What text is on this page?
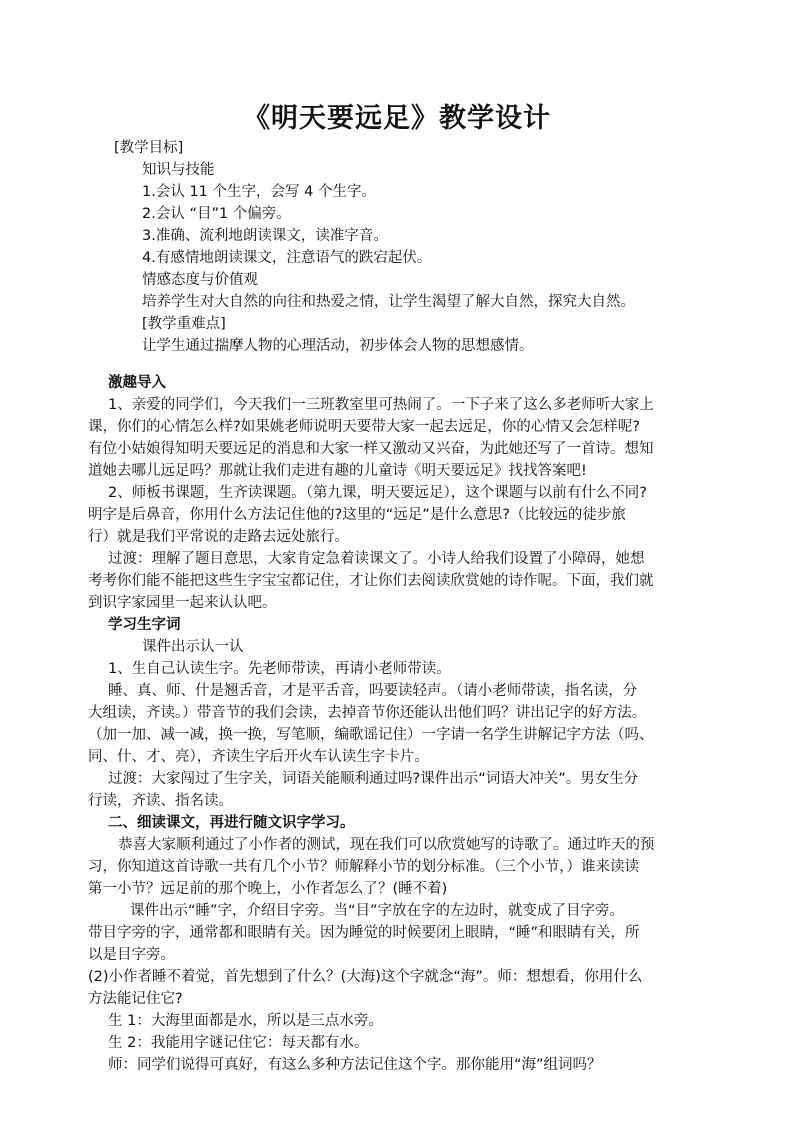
《明天要远足》教学设计
[教学目标]
知识与技能
1.会认 11 个生字，会写 4 个生字。
2.会认 “目”1 个偏旁。
3.准确、流利地朗读课文，读准字音。
4.有感情地朗读课文，注意语气的跌宕起伏。
情感态度与价值观
培养学生对大自然的向往和热爱之情，让学生渴望了解大自然，探究大自然。
[教学重难点]
让学生通过揣摩人物的心理活动，初步体会人物的思想感情。
激趣导入
1、亲爱的同学们，今天我们一三班教室里可热闹了。一下子来了这么多老师听大家上
课，你们的心情怎么样?如果姚老师说明天要带大家一起去远足，你的心情又会怎样呢?
有位小姑娘得知明天要远足的消息和大家一样又激动又兴奋，为此她还写了一首诗。想知
道她去哪儿远足吗？那就让我们走进有趣的儿童诗《明天要远足》找找答案吧!
2、师板书课题，生齐读课题。（第九课，明天要远足），这个课题与以前有什么不同?
明字是后鼻音，你用什么方法记住他的?这里的“远足”是什么意思?（比较远的徒步旅
行）就是我们平常说的走路去远处旅行。
过渡：理解了题目意思，大家肯定急着读课文了。小诗人给我们设置了小障碍，她想
考考你们能不能把这些生字宝宝都记住，才让你们去阅读欣赏她的诗作呢。下面，我们就
到识字家园里一起来认认吧。
学习生字词
课件出示认一认
1、生自己认读生字。先老师带读，再请小老师带读。
睡、真、师、什是翘舌音，才是平舌音，吗要读轻声。（请小老师带读，指名读，分
大组读，齐读。）带音节的我们会读，去掉音节你还能认出他们吗？讲出记字的好方法。
（加一加、减一减，换一换，写笔顺，编歌谣记住）一字请一名学生讲解记字方法（吗、
同、什、才、亮），齐读生字后开火车认读生字卡片。
过渡：大家闯过了生字关，词语关能顺利通过吗?课件出示“词语大冲关”。男女生分
行读，齐读、指名读。
二、细读课文，再进行随文识字学习。
恭喜大家顺利通过了小作者的测试，现在我们可以欣赏她写的诗歌了。通过昨天的预
习，你知道这首诗歌一共有几个小节？师解释小节的划分标准。（三个小节，）谁来读读
第一小节？远足前的那个晚上，小作者怎么了？(睡不着)
课件出示“睡”字，介绍目字旁。当“目”字放在字的左边时，就变成了目字旁。
带目字旁的字，通常都和眼睛有关。因为睡觉的时候要闭上眼睛，“睡”和眼睛有关，所
以是目字旁。
(2)小作者睡不着觉，首先想到了什么？(大海)这个字就念“海”。师：想想看，你用什么
方法能记住它?
生 1：大海里面都是水，所以是三点水旁。
生 2：我能用字谜记住它：每天都有水。
师：同学们说得可真好，有这么多种方法记住这个字。那你能用“海”组词吗？
